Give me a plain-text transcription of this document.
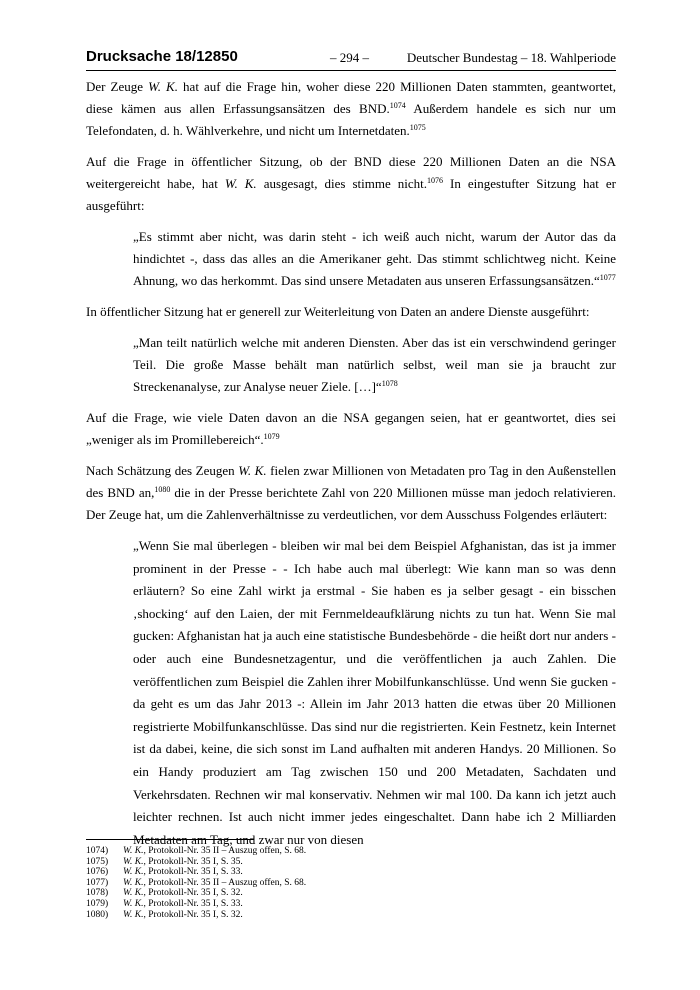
Drucksache 18/12850	– 294 –	Deutscher Bundestag – 18. Wahlperiode

Der Zeuge W. K. hat auf die Frage hin, woher diese 220 Millionen Daten stammten, geantwortet, diese kämen aus allen Erfassungsansätzen des BND.$^{1074}$ Außerdem handele es sich nur um Telefondaten, d. h. Wählverkehre, und nicht um Internetdaten.$^{1075}$

Auf die Frage in öffentlicher Sitzung, ob der BND diese 220 Millionen Daten an die NSA weitergereicht habe, hat W. K. ausgesagt, dies stimme nicht.$^{1076}$ In eingestufter Sitzung hat er ausgeführt:

„Es stimmt aber nicht, was darin steht - ich weiß auch nicht, warum der Autor das da hindichtet -, dass das alles an die Amerikaner geht. Das stimmt schlichtweg nicht. Keine Ahnung, wo das herkommt. Das sind unsere Metadaten aus unseren Erfassungsansätzen.“$^{1077}$

In öffentlicher Sitzung hat er generell zur Weiterleitung von Daten an andere Dienste ausgeführt:

„Man teilt natürlich welche mit anderen Diensten. Aber das ist ein verschwindend geringer Teil. Die große Masse behält man natürlich selbst, weil man sie ja braucht zur Streckenanalyse, zur Analyse neuer Ziele. […]“$^{1078}$

Auf die Frage, wie viele Daten davon an die NSA gegangen seien, hat er geantwortet, dies sei „weniger als im Promillebereich“.$^{1079}$

Nach Schätzung des Zeugen W. K. fielen zwar Millionen von Metadaten pro Tag in den Außenstellen des BND an,$^{1080}$ die in der Presse berichtete Zahl von 220 Millionen müsse man jedoch relativieren. Der Zeuge hat, um die Zahlenverhältnisse zu verdeutlichen, vor dem Ausschuss Folgendes erläutert:

„Wenn Sie mal überlegen - bleiben wir mal bei dem Beispiel Afghanistan, das ist ja immer prominent in der Presse - - Ich habe auch mal überlegt: Wie kann man so was denn erläutern? So eine Zahl wirkt ja erstmal - Sie haben es ja selber gesagt - ein bisschen ‚shocking‘ auf den Laien, der mit Fernmeldeaufklärung nichts zu tun hat. Wenn Sie mal gucken: Afghanistan hat ja auch eine statistische Bundesbehörde - die heißt dort nur anders - oder auch eine Bundesnetzagentur, und die veröffentlichen ja auch Zahlen. Die veröffentlichen zum Beispiel die Zahlen ihrer Mobilfunkanschlüsse. Und wenn Sie gucken - da geht es um das Jahr 2013 -: Allein im Jahr 2013 hatten die etwas über 20 Millionen registrierte Mobilfunkanschlüsse. Das sind nur die registrierten. Kein Festnetz, kein Internet ist da dabei, keine, die sich sonst im Land aufhalten mit anderen Handys. 20 Millionen. So ein Handy produziert am Tag zwischen 150 und 200 Metadaten, Sachdaten und Verkehrsdaten. Rechnen wir mal konservativ. Nehmen wir mal 100. Da kann ich jetzt auch leichter rechnen. Ist auch nicht immer jedes eingeschaltet. Dann habe ich 2 Milliarden Metadaten am Tag, und zwar nur von diesen
1074)	W. K., Protokoll-Nr. 35 II – Auszug offen, S. 68.
1075)	W. K., Protokoll-Nr. 35 I, S. 35.
1076)	W. K., Protokoll-Nr. 35 I, S. 33.
1077)	W. K., Protokoll-Nr. 35 II – Auszug offen, S. 68.
1078)	W. K., Protokoll-Nr. 35 I, S. 32.
1079)	W. K., Protokoll-Nr. 35 I, S. 33.
1080)	W. K., Protokoll-Nr. 35 I, S. 32.
